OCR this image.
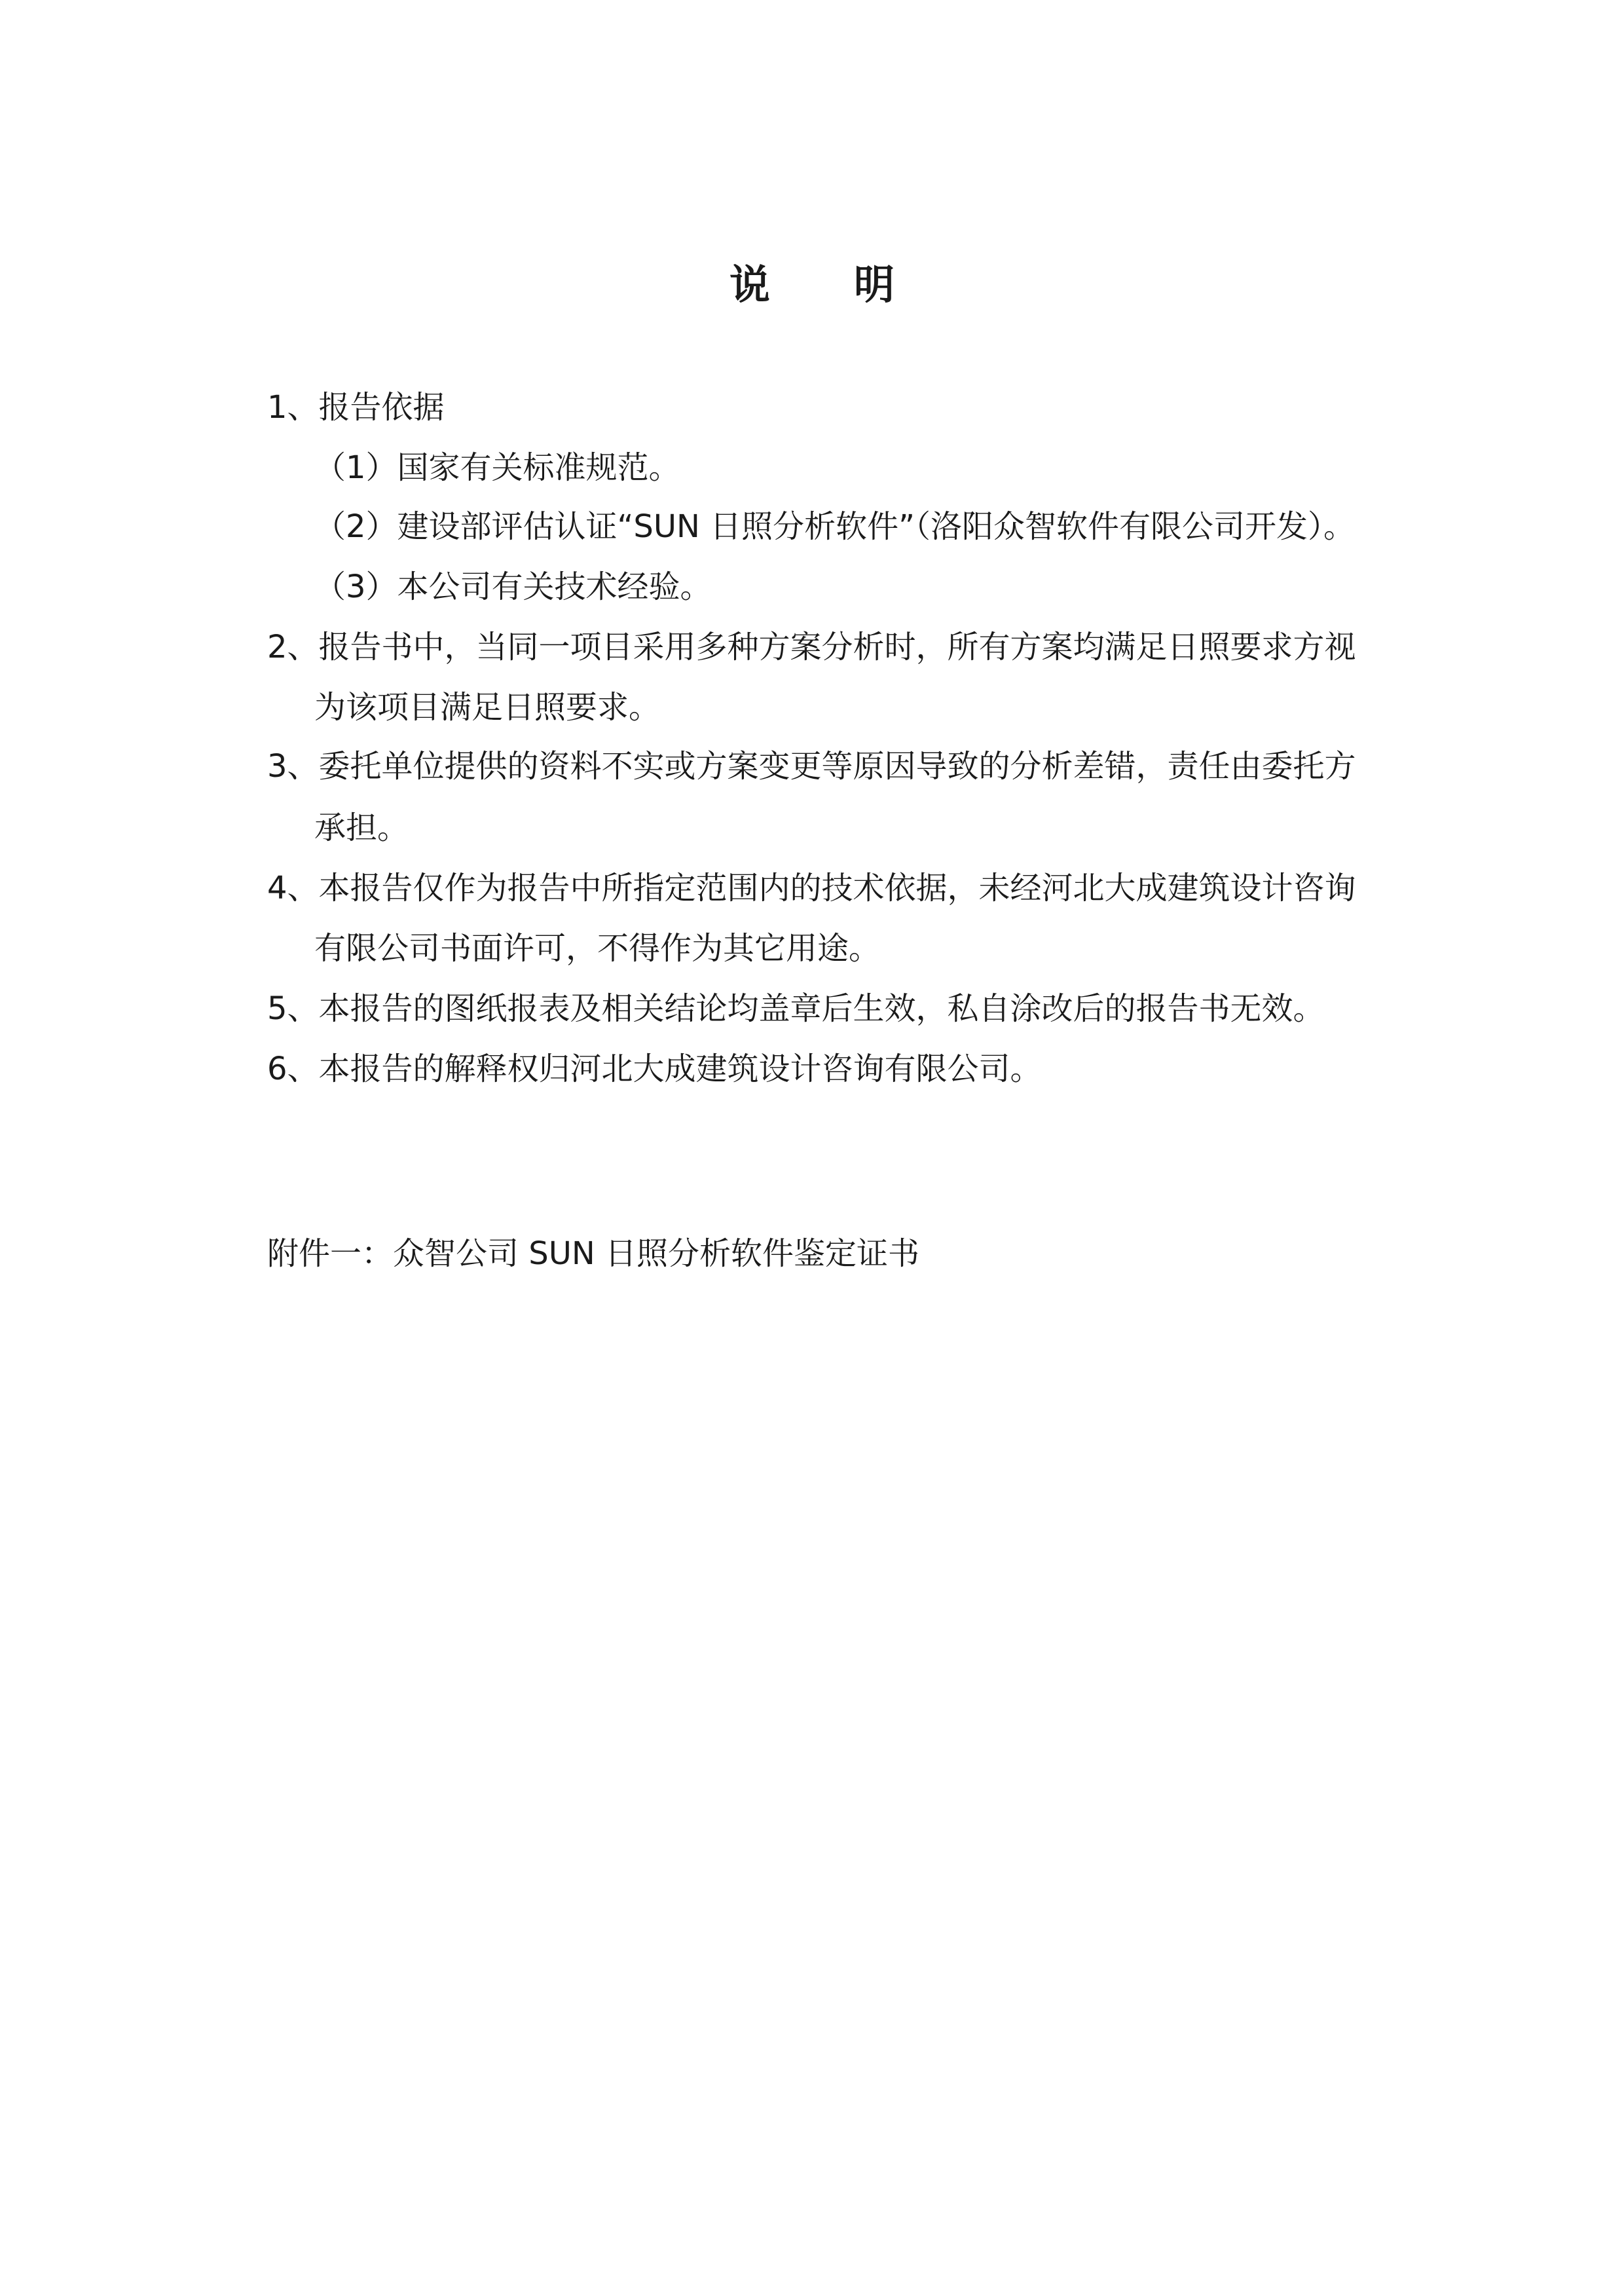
说明
1、报告依据
（1）国家有关标准规范。
（2）建设部评估认证“SUN 日照分析软件”（洛阳众智软件有限公司开发）。
（3）本公司有关技术经验。
2、报告书中，当同一项目采用多种方案分析时，所有方案均满足日照要求方视
为该项目满足日照要求。
3、委托单位提供的资料不实或方案变更等原因导致的分析差错，责任由委托方
承担。
4、本报告仅作为报告中所指定范围内的技术依据，未经河北大成建筑设计咨询
有限公司书面许可，不得作为其它用途。
5、本报告的图纸报表及相关结论均盖章后生效，私自涂改后的报告书无效。
6、本报告的解释权归河北大成建筑设计咨询有限公司。
附件一：众智公司 SUN 日照分析软件鉴定证书
